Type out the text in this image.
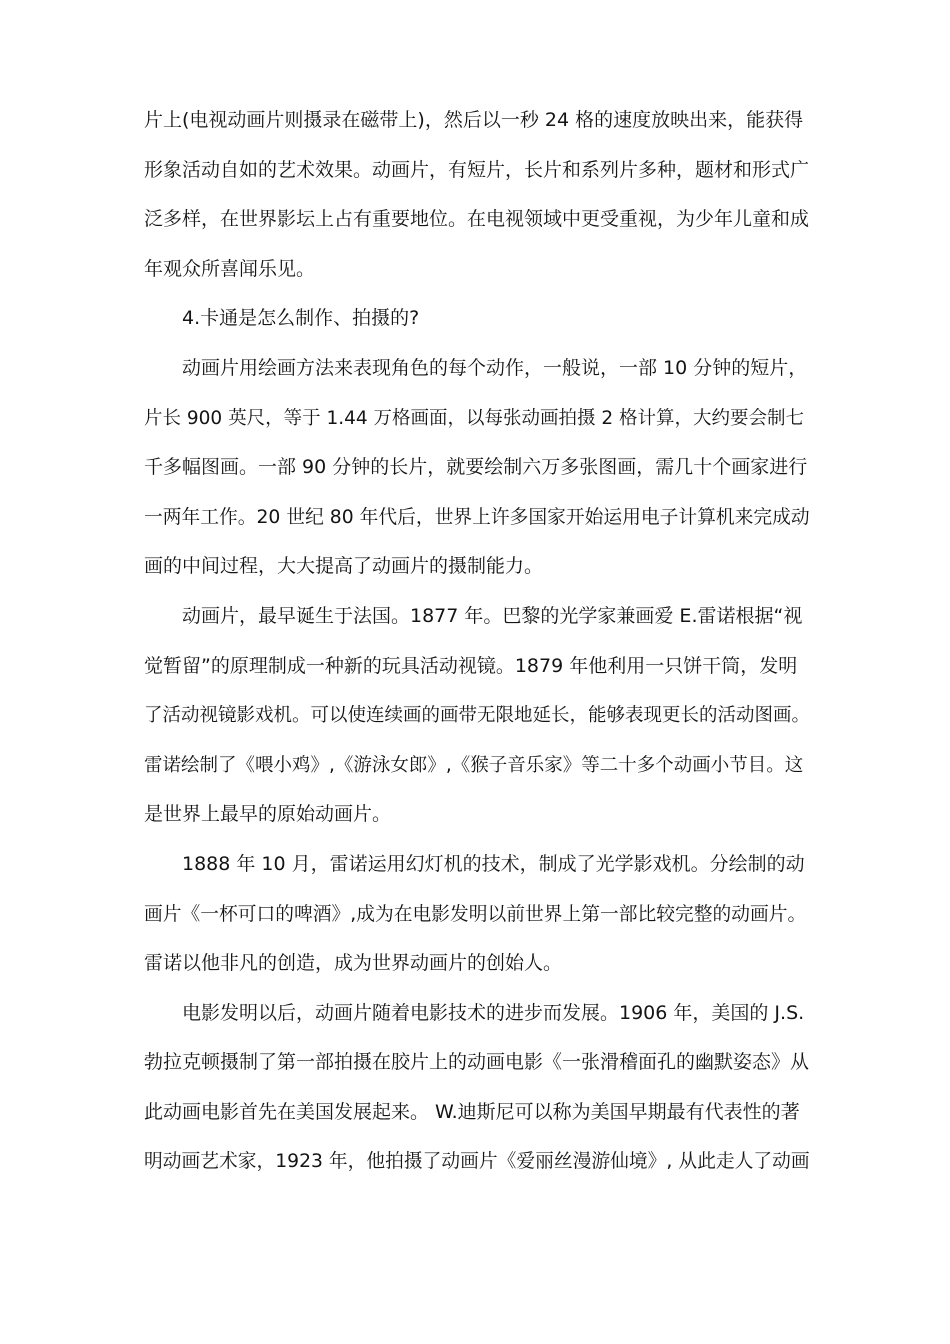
片上(电视动画片则摄录在磁带上)，然后以一秒 24 格的速度放映出来，能获得
形象活动自如的艺术效果。动画片，有短片，长片和系列片多种，题材和形式广
泛多样，在世界影坛上占有重要地位。在电视领域中更受重视，为少年儿童和成
年观众所喜闻乐见。

4.卡通是怎么制作、拍摄的?

动画片用绘画方法来表现角色的每个动作，一般说，一部 10 分钟的短片，
片长 900 英尺，等于 1.44 万格画面，以每张动画拍摄 2 格计算，大约要会制七
千多幅图画。一部 90 分钟的长片，就要绘制六万多张图画，需几十个画家进行
一两年工作。20 世纪 80 年代后，世界上许多国家开始运用电子计算机来完成动
画的中间过程，大大提高了动画片的摄制能力。

动画片，最早诞生于法国。1877 年。巴黎的光学家兼画爱 E.雷诺根据“视
觉暂留”的原理制成一种新的玩具活动视镜。1879 年他利用一只饼干筒，发明
了活动视镜影戏机。可以使连续画的画带无限地延长，能够表现更长的活动图画。
雷诺绘制了《喂小鸡》,《游泳女郎》,《猴子音乐家》等二十多个动画小节目。这
是世界上最早的原始动画片。

1888 年 10 月，雷诺运用幻灯机的技术，制成了光学影戏机。分绘制的动
画片《一杯可口的啤酒》,成为在电影发明以前世界上第一部比较完整的动画片。
雷诺以他非凡的创造，成为世界动画片的创始人。

电影发明以后，动画片随着电影技术的进步而发展。1906 年，美国的 J.S.
勃拉克顿摄制了第一部拍摄在胶片上的动画电影《一张滑稽面孔的幽默姿态》从
此动画电影首先在美国发展起来。 W.迪斯尼可以称为美国早期最有代表性的著
明动画艺术家，1923 年，他拍摄了动画片《爱丽丝漫游仙境》, 从此走人了动画
